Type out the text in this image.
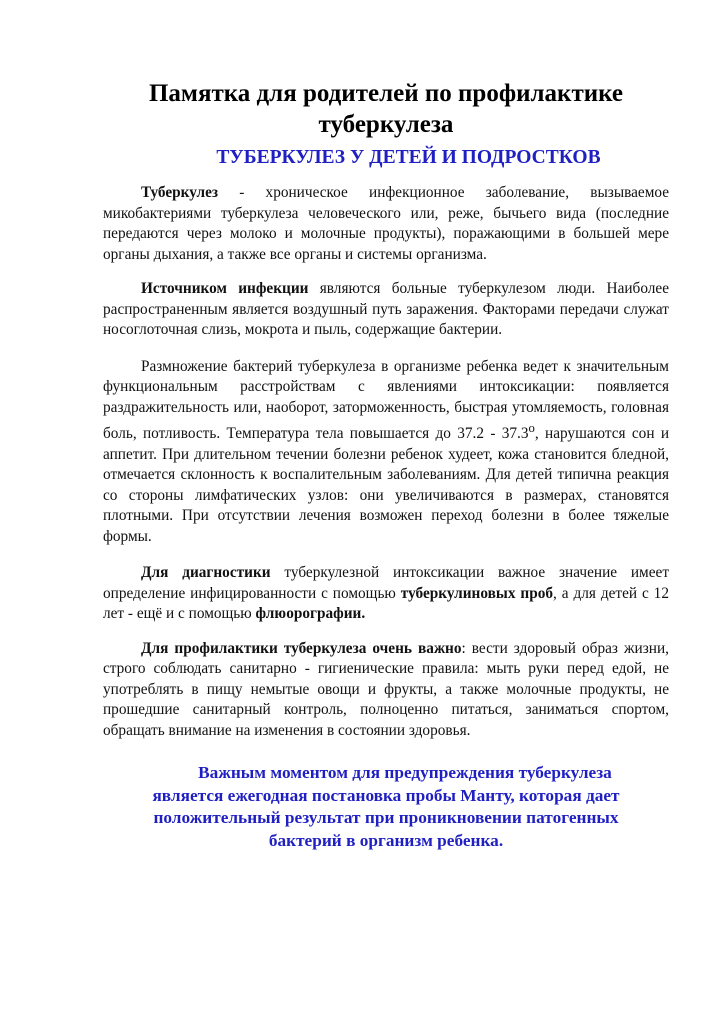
Памятка для родителей по профилактике
туберкулеза
ТУБЕРКУЛЕЗ У ДЕТЕЙ И ПОДРОСТКОВ

Туберкулез - хроническое инфекционное заболевание, вызываемое микобактериями туберкулеза человеческого или, реже, бычьего вида (последние передаются через молоко и молочные продукты), поражающими в большей мере органы дыхания, а также все органы и системы организма.

Источником инфекции являются больные туберкулезом люди. Наиболее распространенным является воздушный путь заражения. Факторами передачи служат носоглоточная слизь, мокрота и пыль, содержащие бактерии.

Размножение бактерий туберкулеза в организме ребенка ведет к значительным функциональным расстройствам с явлениями интоксикации: появляется раздражительность или, наоборот, заторможенность, быстрая утомляемость, головная боль, потливость. Температура тела повышается до $37.2 - 37.3^о$, нарушаются сон и аппетит. При длительном течении болезни ребенок худеет, кожа становится бледной, отмечается склонность к воспалительным заболеваниям. Для детей типична реакция со стороны лимфатических узлов: они увеличиваются в размерах, становятся плотными. При отсутствии лечения возможен переход болезни в более тяжелые формы.

Для диагностики туберкулезной интоксикации важное значение имеет определение инфицированности с помощью туберкулиновых проб, а для детей с 12 лет - ещё и с помощью флюорографии.

Для профилактики туберкулеза очень важно: вести здоровый образ жизни, строго соблюдать санитарно - гигиенические правила: мыть руки перед едой, не употреблять в пищу немытые овощи и фрукты, а также молочные продукты, не прошедшие санитарный контроль, полноценно питаться, заниматься спортом, обращать внимание на изменения в состоянии здоровья.

Важным моментом для предупреждения туберкулеза
является ежегодная постановка пробы Манту, которая дает
положительный результат при проникновении патогенных
бактерий в организм ребенка.
